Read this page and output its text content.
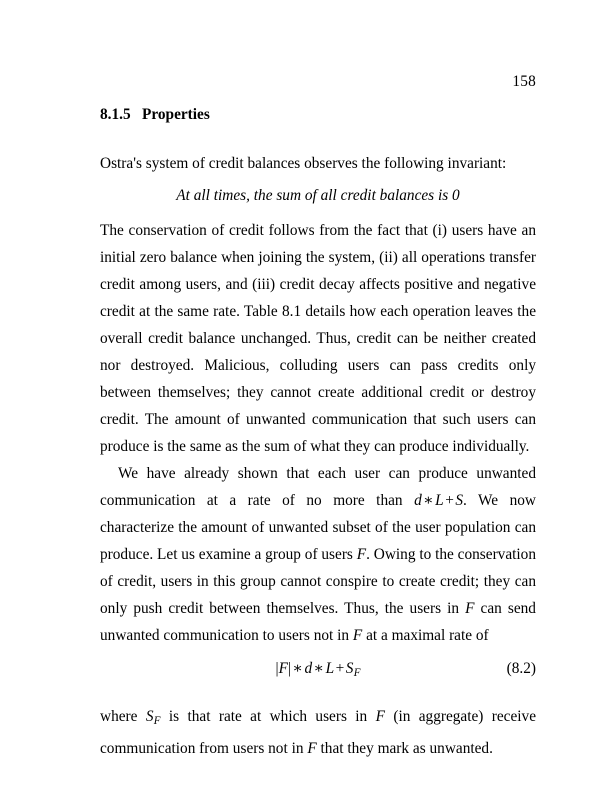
158
8.1.5 Properties

Ostra's system of credit balances observes the following invariant:

At all times, the sum of all credit balances is 0

The conservation of credit follows from the fact that (i) users have an initial zero balance when joining the system, (ii) all operations transfer credit among users, and (iii) credit decay affects positive and negative credit at the same rate. Table 8.1 details how each operation leaves the overall credit balance unchanged. Thus, credit can be neither created nor destroyed. Malicious, colluding users can pass credits only between themselves; they cannot create additional credit or destroy credit. The amount of unwanted communication that such users can produce is the same as the sum of what they can produce individually.

We have already shown that each user can produce unwanted communication at a rate of no more than d∗L+S. We now characterize the amount of unwanted subset of the user population can produce. Let us examine a group of users F. Owing to the conservation of credit, users in this group cannot conspire to create credit; they can only push credit between themselves. Thus, the users in F can send unwanted communication to users not in F at a maximal rate of

$|F|∗d∗L+S_F$	(8.2)

where $S_F$ is that rate at which users in F (in aggregate) receive communication from users not in F that they mark as unwanted.
